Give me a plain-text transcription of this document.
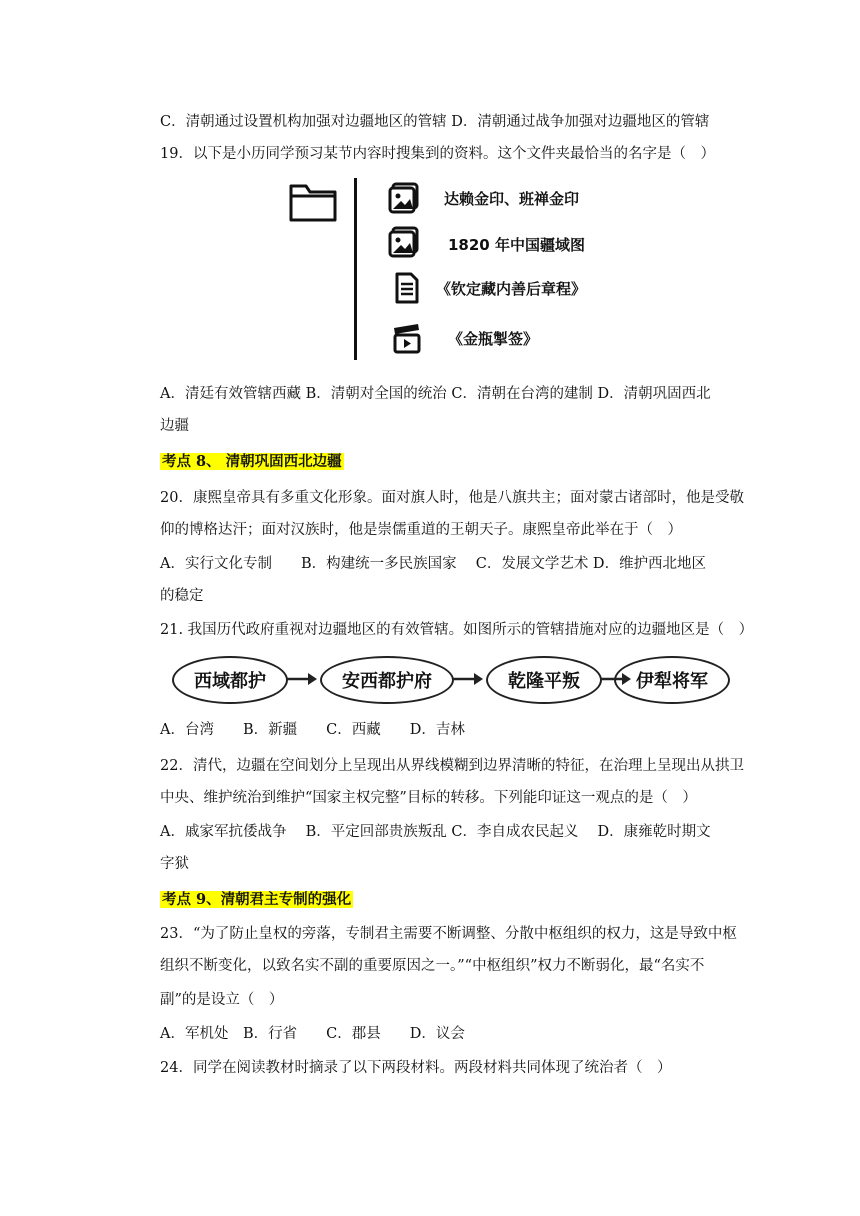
C．清朝通过设置机构加强对边疆地区的管辖 D．清朝通过战争加强对边疆地区的管辖
19．以下是小历同学预习某节内容时搜集到的资料。这个文件夹最恰当的名字是（　）
达赖金印、班禅金印
1820 年中国疆域图
《钦定藏内善后章程》
《金瓶掣签》
A．清廷有效管辖西藏 B．清朝对全国的统治 C．清朝在台湾的建制 D．清朝巩固西北
边疆
考点 8、 清朝巩固西北边疆
20．康熙皇帝具有多重文化形象。面对旗人时，他是八旗共主；面对蒙古诸部时，他是受敬
仰的博格达汗；面对汉族时，他是崇儒重道的王朝天子。康熙皇帝此举在于（　）
A．实行文化专制　　B．构建统一多民族国家　 C．发展文学艺术 D．维护西北地区
的稳定
21. 我国历代政府重视对边疆地区的有效管辖。如图所示的管辖措施对应的边疆地区是（　）
西域都护	安西都护府	乾隆平叛	伊犁将军
A．台湾　　B．新疆　　C．西藏　　D．吉林
22．清代，边疆在空间划分上呈现出从界线模糊到边界清晰的特征，在治理上呈现出从拱卫
中央、维护统治到维护“国家主权完整”目标的转移。下列能印证这一观点的是（　）
A．戚家军抗倭战争　 B．平定回部贵族叛乱 C．李自成农民起义　 D．康雍乾时期文
字狱
考点 9、清朝君主专制的强化
23．“为了防止皇权的旁落，专制君主需要不断调整、分散中枢组织的权力，这是导致中枢
组织不断变化，以致名实不副的重要原因之一。”“中枢组织”权力不断弱化，最“名实不
副”的是设立（　）
A．军机处　B．行省　　C．郡县　　D．议会
24．同学在阅读教材时摘录了以下两段材料。两段材料共同体现了统治者（　）
